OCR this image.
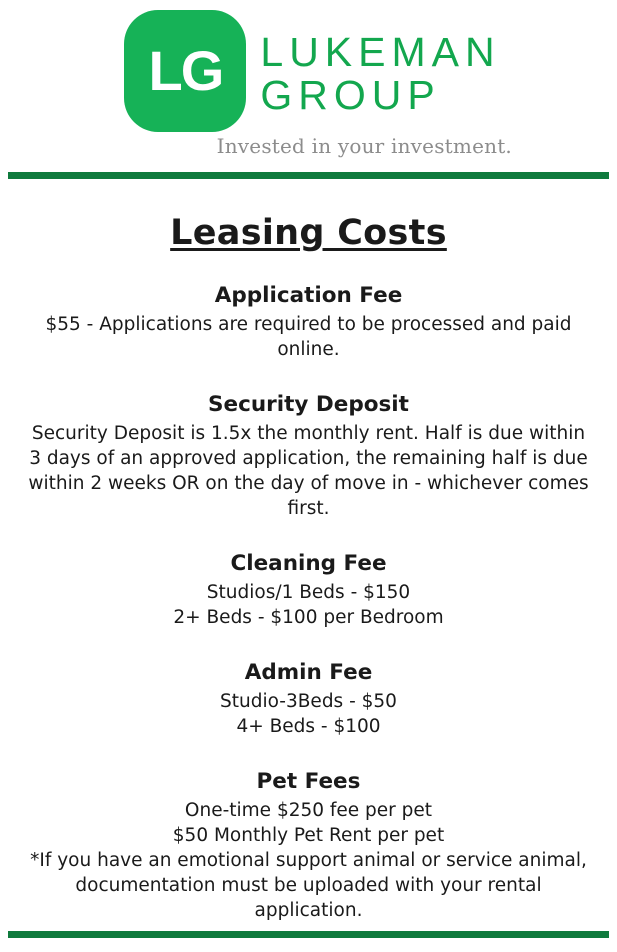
LG LUKEMAN
GROUP
Invested in your investment.
Leasing Costs
Application Fee

$55 - Applications are required to be processed and paid online.

Security Deposit

Security Deposit is 1.5x the monthly rent. Half is due within 3 days of an approved application, the remaining half is due within 2 weeks OR on the day of move in - whichever comes first.

Cleaning Fee

Studios/1 Beds - $150

2+ Beds - $100 per Bedroom

Admin Fee

Studio-3Beds - $50

4+ Beds - $100

Pet Fees

One-time $250 fee per pet

$50 Monthly Pet Rent per pet

*If you have an emotional support animal or service animal, documentation must be uploaded with your rental application.
